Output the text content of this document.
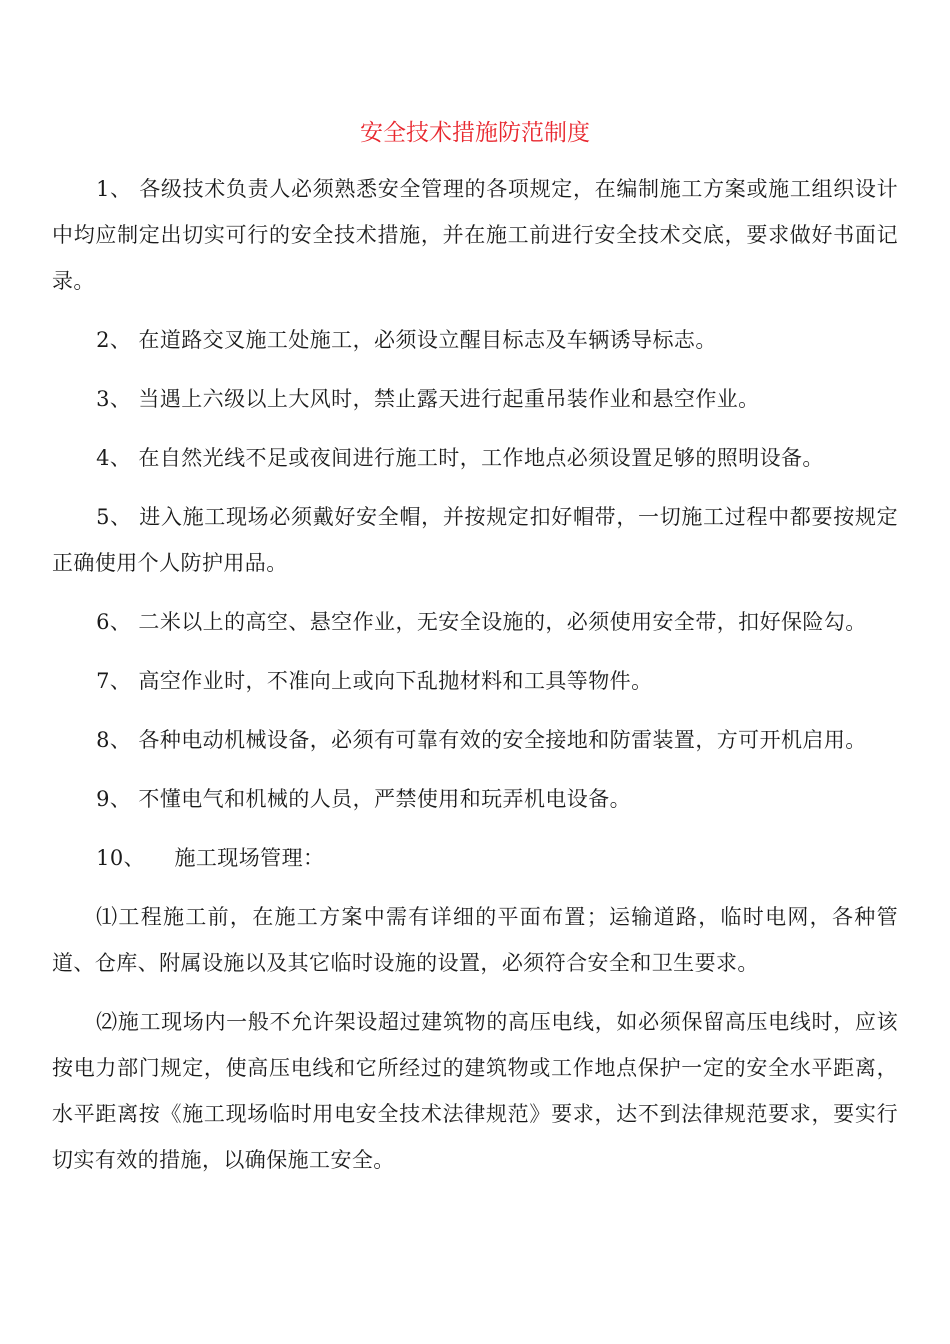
安全技术措施防范制度

1、 各级技术负责人必须熟悉安全管理的各项规定，在编制施工方案或施工组织设计中均应制定出切实可行的安全技术措施，并在施工前进行安全技术交底，要求做好书面记录。

2、 在道路交叉施工处施工，必须设立醒目标志及车辆诱导标志。

3、 当遇上六级以上大风时，禁止露天进行起重吊装作业和悬空作业。

4、 在自然光线不足或夜间进行施工时，工作地点必须设置足够的照明设备。

5、 进入施工现场必须戴好安全帽，并按规定扣好帽带，一切施工过程中都要按规定正确使用个人防护用品。

6、 二米以上的高空、悬空作业，无安全设施的，必须使用安全带，扣好保险勾。

7、 高空作业时，不准向上或向下乱抛材料和工具等物件。

8、 各种电动机械设备，必须有可靠有效的安全接地和防雷装置，方可开机启用。

9、 不懂电气和机械的人员，严禁使用和玩弄机电设备。

10、 施工现场管理：

⑴工程施工前，在施工方案中需有详细的平面布置；运输道路，临时电网，各种管道、仓库、附属设施以及其它临时设施的设置，必须符合安全和卫生要求。

⑵施工现场内一般不允许架设超过建筑物的高压电线，如必须保留高压电线时，应该按电力部门规定，使高压电线和它所经过的建筑物或工作地点保护一定的安全水平距离，水平距离按《施工现场临时用电安全技术法律规范》要求，达不到法律规范要求，要实行切实有效的措施，以确保施工安全。
